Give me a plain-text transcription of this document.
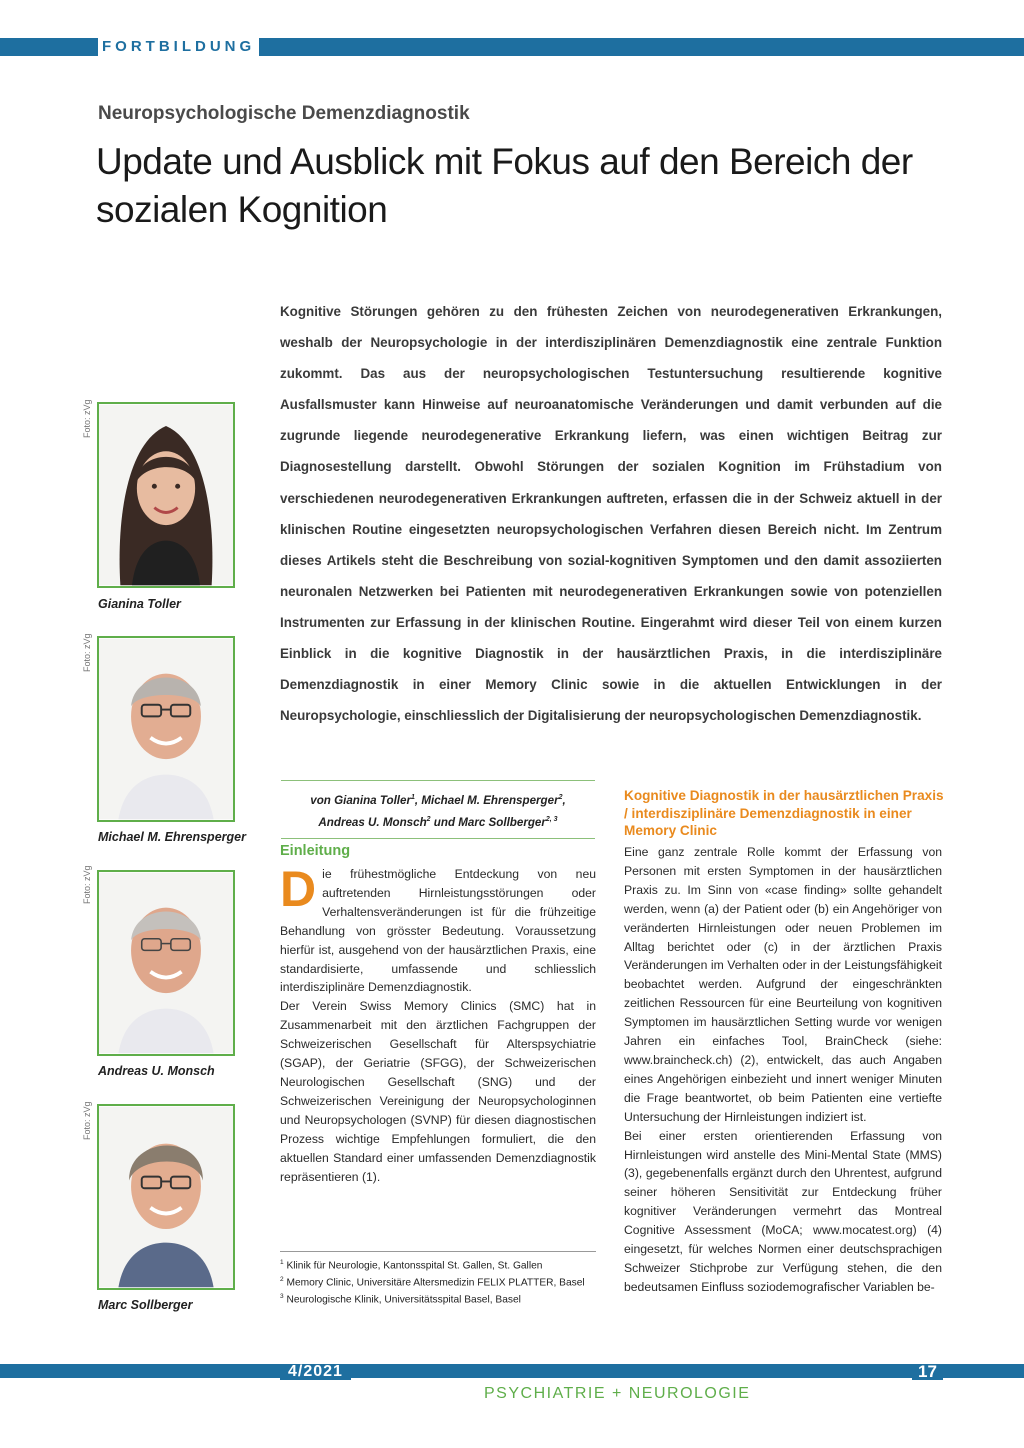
FORTBILDUNG
Neuropsychologische Demenzdiagnostik
Update und Ausblick mit Fokus auf den Bereich der sozialen Kognition

Kognitive Störungen gehören zu den frühesten Zeichen von neurodegenerativen Erkrankungen, weshalb der Neuropsychologie in der interdisziplinären Demenzdiagnostik eine zentrale Funktion zukommt. Das aus der neuropsychologischen Testuntersuchung resultierende kognitive Ausfallsmuster kann Hinweise auf neuroanatomische Veränderungen und damit verbunden auf die zugrunde liegende neurodegenerative Erkrankung liefern, was einen wichtigen Beitrag zur Diagnosestellung darstellt. Obwohl Störungen der sozialen Kognition im Frühstadium von verschiedenen neurodegenerativen Erkrankungen auftreten, erfassen die in der Schweiz aktuell in der klinischen Routine eingesetzten neuropsychologischen Verfahren diesen Bereich nicht. Im Zentrum dieses Artikels steht die Beschreibung von sozial-kognitiven Symptomen und den damit assoziierten neuronalen Netzwerken bei Patienten mit neurodegenerativen Erkrankungen sowie von potenziellen Instrumenten zur Erfassung in der klinischen Routine. Eingerahmt wird dieser Teil von einem kurzen Einblick in die kognitive Diagnostik in der hausärztlichen Praxis, in die interdisziplinäre Demenzdiagnostik in einer Memory Clinic sowie in die aktuellen Entwicklungen in der Neuropsychologie, einschliesslich der Digitalisierung der neuropsychologischen Demenzdiagnostik.

Foto: zVg
Gianina Toller
Foto: zVg
Michael M. Ehrensperger
Foto: zVg
Andreas U. Monsch
Foto: zVg
Marc Sollberger
von Gianina Toller$^1$, Michael M. Ehrensperger$^2$,
Andreas U. Monsch$^2$ und Marc Sollberger$^{2, 3}$
Einleitung

Die frühestmögliche Entdeckung von neu auftretenden Hirnleistungsstörungen oder Verhaltensveränderungen ist für die frühzeitige Behandlung von grösster Bedeutung. Voraussetzung hierfür ist, ausgehend von der hausärztlichen Praxis, eine standardisierte, umfassende und schliesslich interdisziplinäre Demenzdiagnostik.

Der Verein Swiss Memory Clinics (SMC) hat in Zusammenarbeit mit den ärztlichen Fachgruppen der Schweizerischen Gesellschaft für Alterspsychiatrie (SGAP), der Geriatrie (SFGG), der Schweizerischen Neurologischen Gesellschaft (SNG) und der Schweizerischen Vereinigung der Neuropsychologinnen und Neuropsychologen (SVNP) für diesen diagnostischen Prozess wichtige Empfehlungen formuliert, die den aktuellen Standard einer umfassenden Demenzdiagnostik repräsentieren (1).

$^1$ Klinik für Neurologie, Kantonsspital St. Gallen, St. Gallen
$^2$ Memory Clinic, Universitäre Altersmedizin FELIX PLATTER, Basel
$^3$ Neurologische Klinik, Universitätsspital Basel, Basel
Kognitive Diagnostik in der hausärztlichen Praxis / interdisziplinäre Demenzdiagnostik in einer Memory Clinic

Eine ganz zentrale Rolle kommt der Erfassung von Personen mit ersten Symptomen in der hausärztlichen Praxis zu. Im Sinn von «case finding» sollte gehandelt werden, wenn (a) der Patient oder (b) ein Angehöriger von veränderten Hirnleistungen oder neuen Problemen im Alltag berichtet oder (c) in der ärztlichen Praxis Veränderungen im Verhalten oder in der Leistungsfähigkeit beobachtet werden. Aufgrund der eingeschränkten zeitlichen Ressourcen für eine Beurteilung von kognitiven Symptomen im hausärztlichen Setting wurde vor wenigen Jahren ein einfaches Tool, BrainCheck (siehe: www.braincheck.ch) (2), entwickelt, das auch Angaben eines Angehörigen einbezieht und innert weniger Minuten die Frage beantwortet, ob beim Patienten eine vertiefte Untersuchung der Hirnleistungen indiziert ist.

Bei einer ersten orientierenden Erfassung von Hirnleistungen wird anstelle des Mini-Mental State (MMS) (3), gegebenenfalls ergänzt durch den Uhrentest, aufgrund seiner höheren Sensitivität zur Entdeckung früher kognitiver Veränderungen vermehrt das Montreal Cognitive Assessment (MoCA; www.mocatest.org) (4) eingesetzt, für welches Normen einer deutschsprachigen Schweizer Stichprobe zur Verfügung stehen, die den bedeutsamen Einfluss soziodemografischer Variablen be-

4/2021	17
PSYCHIATRIE + NEUROLOGIE
